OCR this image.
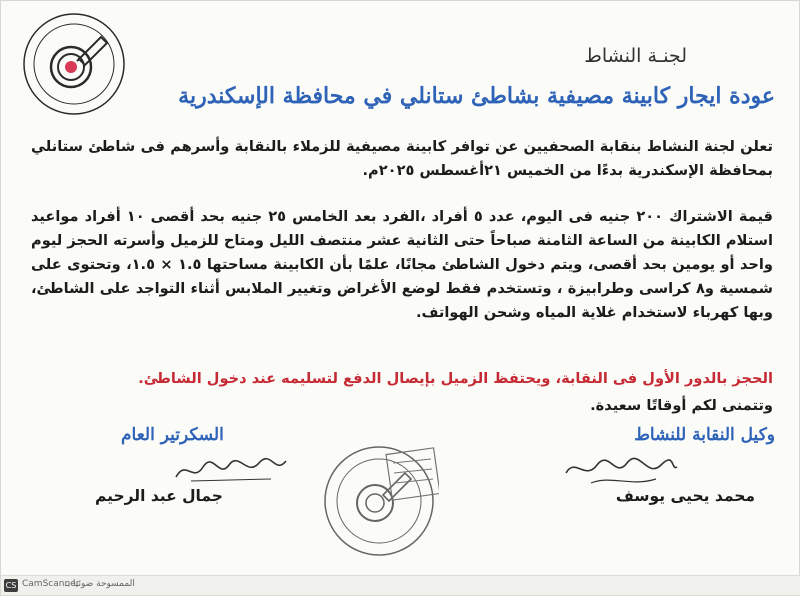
لجنـة النشاط
عودة ايجار كابينة مصيفية بشاطئ ستانلي في محافظة الإسكندرية

تعلن لجنة النشاط بنقابة الصحفيين عن توافر كابينة مصيفية للزملاء بالنقابة وأسرهم فى شاطئ ستانلي بمحافظة الإسكندرية بدءًا من الخميس ٢١أغسطس ٢٠٢٥م.

قيمة الاشتراك ٢٠٠ جنيه فى اليوم، عدد ٥ أفراد ،الفرد بعد الخامس ٢٥ جنيه بحد أقصى ١٠ أفراد مواعيد استلام الكابينة من الساعة الثامنة صباحاً حتى الثانية عشر منتصف الليل ومتاح للزميل وأسرته الحجز ليوم واحد أو يومين بحد أقصى، ويتم دخول الشاطئ مجانًا، علمًا بأن الكابينة مساحتها ١.٥ × ١.٥، وتحتوى على شمسية و٨ كراسى وطرابيزة ، وتستخدم فقط لوضع الأغراض وتغيير الملابس أثناء التواجد على الشاطئ، وبها كهرباء لاستخدام غلاية المياه وشحن الهواتف.

الحجز بالدور الأول فى النقابة، ويحتفظ الزميل بإيصال الدفع لتسليمه عند دخول الشاطئ.

وتتمنى لكم أوقاتًا سعيدة.

السكرتير العام	وكيل النقابة للنشاط
جمال عبد الرحيم	محمد يحيى يوسف
CS CamScanner
الممسوحة ضوئيا بـ
